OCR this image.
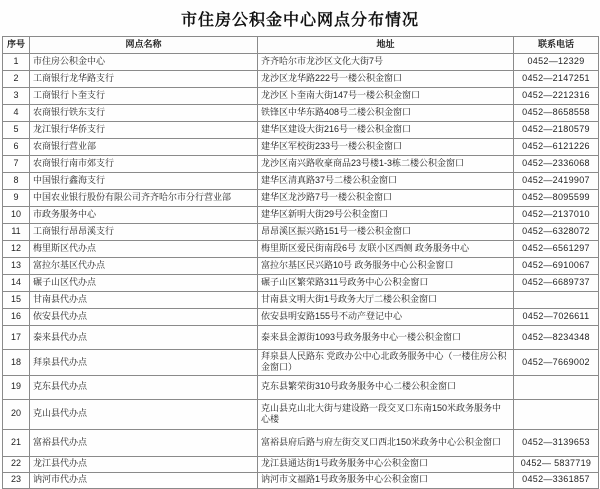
市住房公积金中心网点分布情况
序号	网点名称	地址	联系电话
1	市住房公积金中心	齐齐哈尔市龙沙区文化大街7号	0452—12329
2	工商银行龙华路支行	龙沙区龙华路222号一楼公积金窗口	0452—2147251
3	工商银行卜奎支行	龙沙区卜奎南大街147号一楼公积金窗口	0452—2212316
4	农商银行铁东支行	铁锋区中华东路408号二楼公积金窗口	0452—8658558
5	龙江银行华侨支行	建华区建设大街216号一楼公积金窗口	0452—2180579
6	农商银行营业部	建华区军校街233号一楼公积金窗口	0452—6121226
7	农商银行南市郊支行	龙沙区南兴路收豪商品23号楼1-3栋二楼公积金窗口	0452—2336068
8	中国银行鑫海支行	建华区清真路37号二楼公积金窗口	0452—2419907
9	中国农业银行股份有限公司齐齐哈尔市分行营业部	建华区龙沙路7号一楼公积金窗口	0452—8095599
10	市政务服务中心	建华区新明大街29号公积金窗口	0452—2137010
11	工商银行昂昂溪支行	昂昂溪区振兴路151号一楼公积金窗口	0452—6328072
12	梅里斯区代办点	梅里斯区爱民街南段6号 友联小区西侧 政务服务中心	0452—6561297
13	富拉尔基区代办点	富拉尔基区民兴路10号 政务服务中心公积金窗口	0452—6910067
14	碾子山区代办点	碾子山区繁荣路311号政务中心公积金窗口	0452—6689737
15	甘南县代办点	甘南县文明大街1号政务大厅二楼公积金窗口	
16	依安县代办点	依安县明安路155号不动产登记中心	0452—7026611
17	泰来县代办点	泰来县金源街1093号政务服务中心一楼公积金窗口	0452—8234348
18	拜泉县代办点	拜泉县人民路东 党政办公中心北政务服务中心（一楼住房公积金窗口）	0452—7669002
19	克东县代办点	克东县繁荣街310号政务服务中心二楼公积金窗口	
20	克山县代办点	克山县克山北大街与建设路一段交叉口东南150米政务服务中心楼	
21	富裕县代办点	富裕县府后路与府左街交叉口西北150米政务中心公积金窗口	0452—3139653
22	龙江县代办点	龙江县通达街1号政务服务中心公积金窗口	0452— 5837719
23	讷河市代办点	讷河市文福路1号政务服务中心公积金窗口	0452—3361857
